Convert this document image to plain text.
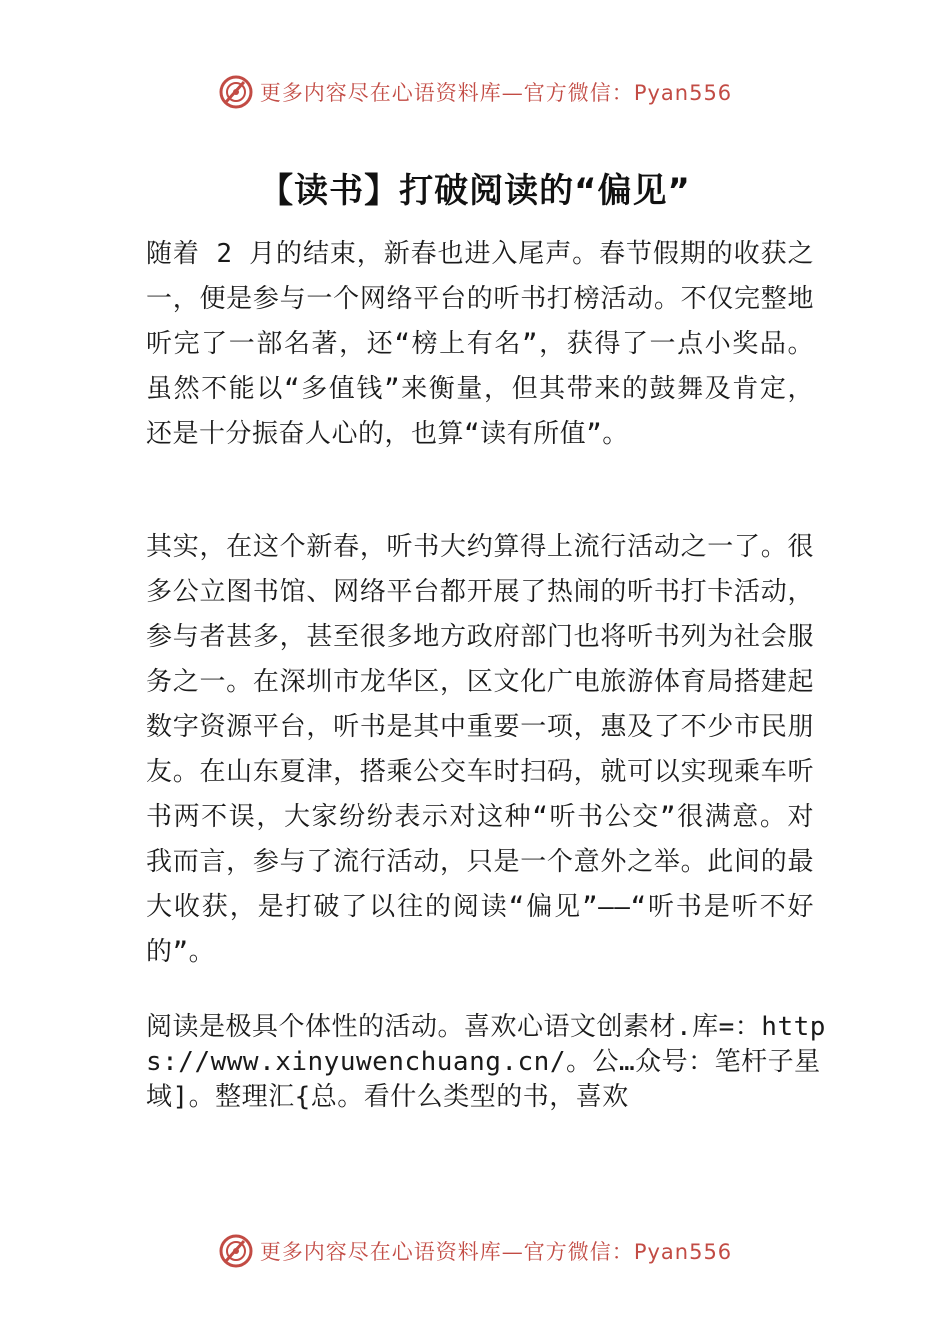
更多内容尽在心语资料库—官方微信：Pyan556
【读书】打破阅读的“偏见”

随着 2 月的结束，新春也进入尾声。春节假期的收获之一，便是参与一个网络平台的听书打榜活动。不仅完整地听完了一部名著，还“榜上有名”，获得了一点小奖品。虽然不能以“多值钱”来衡量，但其带来的鼓舞及肯定，还是十分振奋人心的，也算“读有所值”。

其实，在这个新春，听书大约算得上流行活动之一了。很多公立图书馆、网络平台都开展了热闹的听书打卡活动，参与者甚多，甚至很多地方政府部门也将听书列为社会服务之一。在深圳市龙华区，区文化广电旅游体育局搭建起数字资源平台，听书是其中重要一项，惠及了不少市民朋友。在山东夏津，搭乘公交车时扫码，就可以实现乘车听书两不误，大家纷纷表示对这种“听书公交”很满意。对我而言，参与了流行活动，只是一个意外之举。此间的最大收获，是打破了以往的阅读“偏见”——“听书是听不好的”。

阅读是极具个体性的活动。喜欢心语文创素材.库=：https://www.xinyuwenchuang.cn/。公…众号：笔杆子星域]。整理汇{总。看什么类型的书，喜欢

更多内容尽在心语资料库—官方微信：Pyan556
